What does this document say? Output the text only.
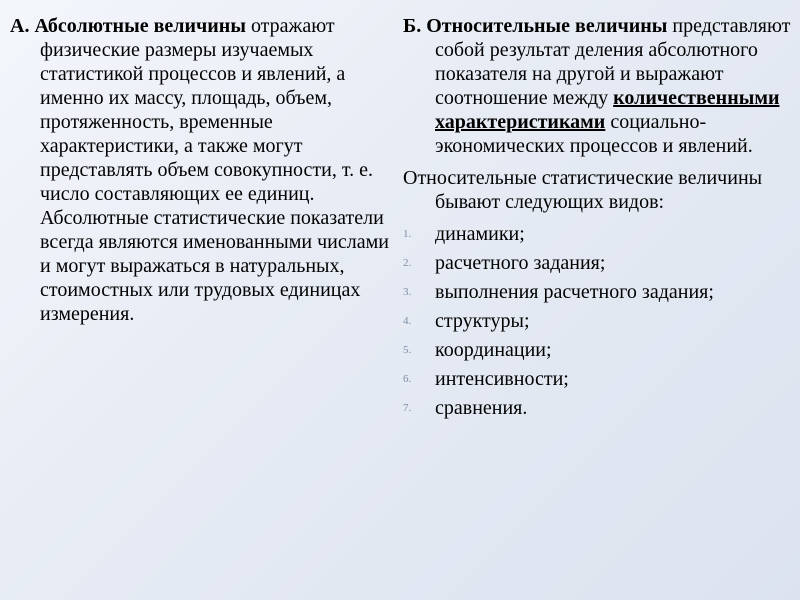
А. Абсолютные величины отражают физические размеры изучаемых статистикой процессов и явлений, а именно их массу, площадь, объем, протяженность, временные характеристики, а также могут представлять объем совокупности, т. е. число составляющих ее единиц. Абсолютные статистические показатели всегда являются именованными числами и могут выражаться в натуральных, стоимостных или трудовых единицах измерения.

Б. Относительные величины представляют собой результат деления абсолютного показателя на другой и выражают соотношение между количественными характеристиками социально-экономических процессов и явлений.

Относительные статистические величины бывают следующих видов:

1. динамики;
2. расчетного задания;
3. выполнения расчетного задания;
4. структуры;
5. координации;
6. интенсивности;
7. сравнения.
